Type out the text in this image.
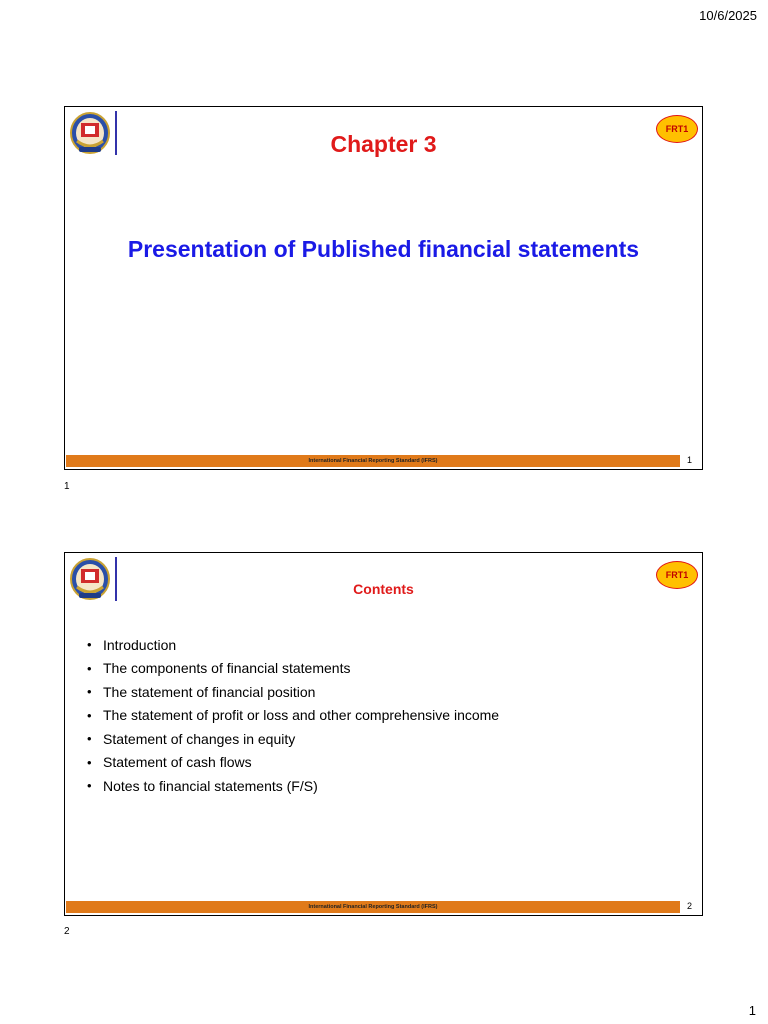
10/6/2025
FRT1
Chapter 3
Presentation of Published financial statements
International Financial Reporting Standard (IFRS)	1
1
FRT1
Contents
• Introduction
• The components of financial statements
• The statement of financial position
• The statement of profit or loss and other comprehensive income
• Statement of changes in equity
• Statement of cash flows
• Notes to financial statements (F/S)
International Financial Reporting Standard (IFRS)	2
2
1
